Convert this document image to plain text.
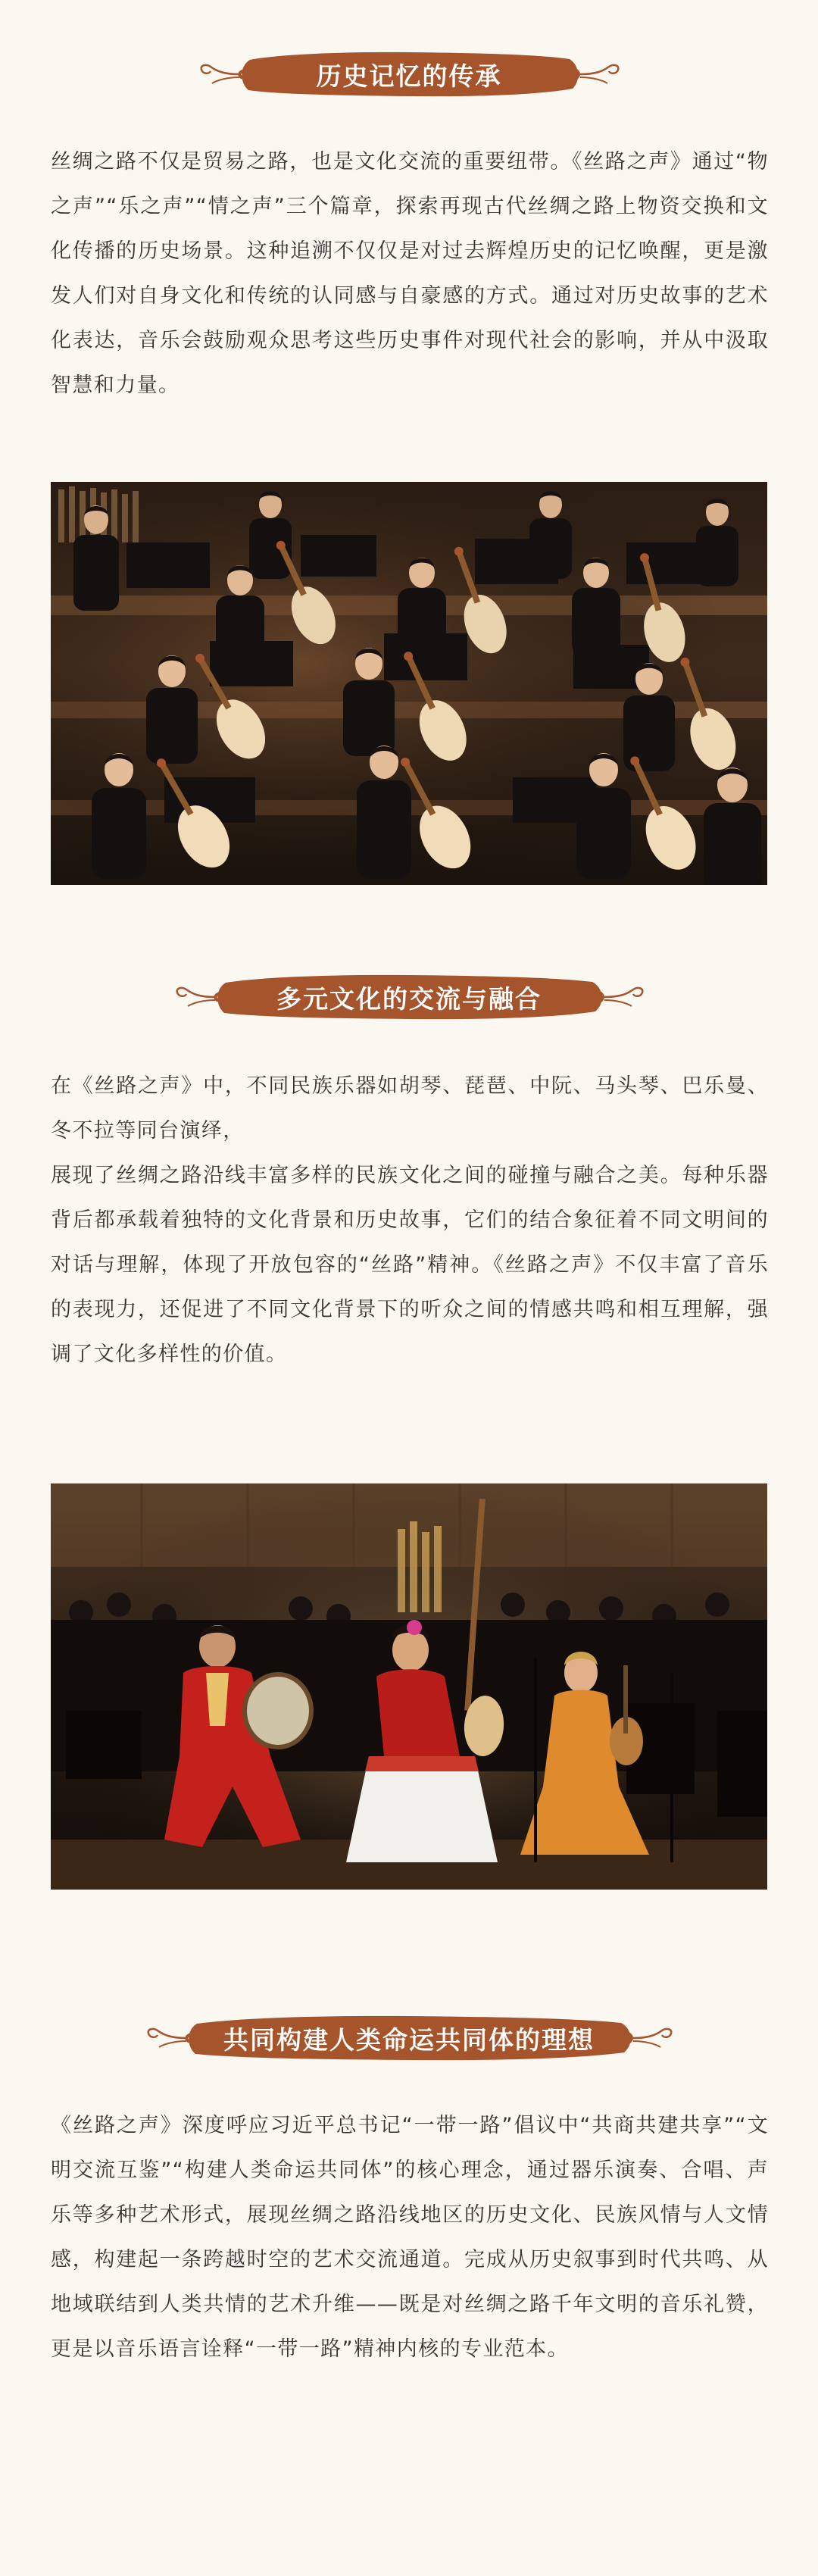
历史记忆的传承

丝绸之路不仅是贸易之路，也是文化交流的重要纽带。《丝路之声》通过“物之声”“乐之声”“情之声”三个篇章，探索再现古代丝绸之路上物资交换和文化传播的历史场景。这种追溯不仅仅是对过去辉煌历史的记忆唤醒，更是激发人们对自身文化和传统的认同感与自豪感的方式。通过对历史故事的艺术化表达，音乐会鼓励观众思考这些历史事件对现代社会的影响，并从中汲取智慧和力量。

多元文化的交流与融合

在《丝路之声》中，不同民族乐器如胡琴、琵琶、中阮、马头琴、巴乐曼、冬不拉等同台演绎，
展现了丝绸之路沿线丰富多样的民族文化之间的碰撞与融合之美。每种乐器背后都承载着独特的文化背景和历史故事，它们的结合象征着不同文明间的对话与理解，体现了开放包容的“丝路”精神。《丝路之声》不仅丰富了音乐的表现力，还促进了不同文化背景下的听众之间的情感共鸣和相互理解，强调了文化多样性的价值。

共同构建人类命运共同体的理想

《丝路之声》深度呼应习近平总书记“一带一路”倡议中“共商共建共享”“文明交流互鉴”“构建人类命运共同体”的核心理念，通过器乐演奏、合唱、声乐等多种艺术形式，展现丝绸之路沿线地区的历史文化、民族风情与人文情感，构建起一条跨越时空的艺术交流通道。完成从历史叙事到时代共鸣、从地域联结到人类共情的艺术升维——既是对丝绸之路千年文明的音乐礼赞，更是以音乐语言诠释“一带一路”精神内核的专业范本。
